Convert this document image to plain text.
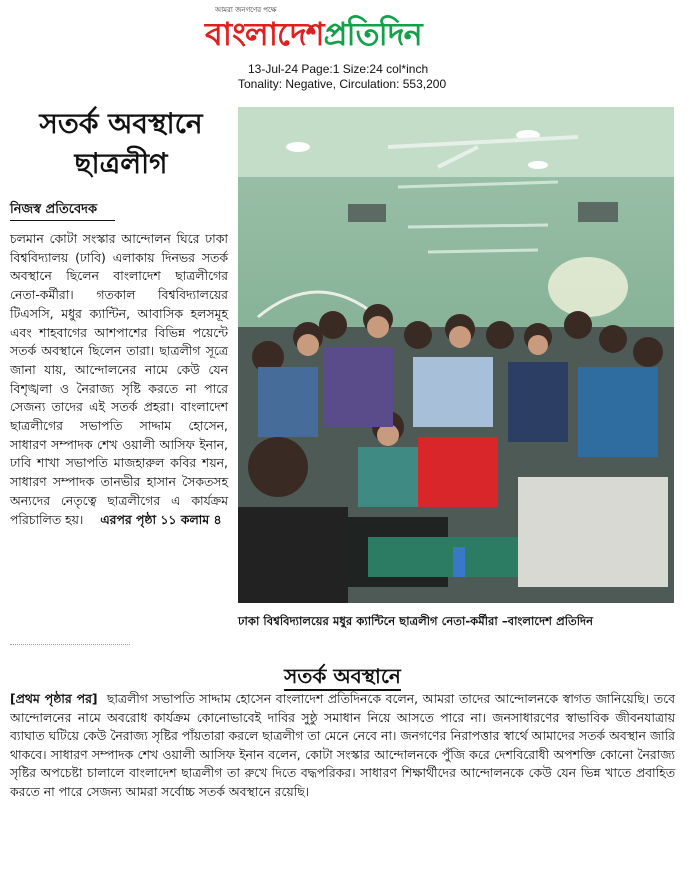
আমরা জনগণের পক্ষে
বাংলাদেশপ্রতিদিন
13-Jul-24 Page:1 Size:24 col*inch
Tonality: Negative, Circulation: 553,200
সতর্ক অবস্থানে ছাত্রলীগ
নিজস্ব প্রতিবেদক
চলমান কোটা সংস্কার আন্দোলন ঘিরে ঢাকা বিশ্ববিদ্যালয় (ঢাবি) এলাকায় দিনভর সতর্ক অবস্থানে ছিলেন বাংলাদেশ ছাত্রলীগের নেতা-কর্মীরা। গতকাল বিশ্ববিদ্যালয়ের টিএসসি, মধুর ক্যান্টিন, আবাসিক হলসমূহ এবং শাহবাগের আশপাশের বিভিন্ন পয়েন্টে সতর্ক অবস্থানে ছিলেন তারা। ছাত্রলীগ সূত্রে জানা যায়, আন্দোলনের নামে কেউ যেন বিশৃঙ্খলা ও নৈরাজ্য সৃষ্টি করতে না পারে সেজন্য তাদের এই সতর্ক প্রহরা। বাংলাদেশ ছাত্রলীগের সভাপতি সাদ্দাম হোসেন, সাধারণ সম্পাদক শেখ ওয়ালী আসিফ ইনান, ঢাবি শাখা সভাপতি মাজহারুল কবির শয়ন, সাধারণ সম্পাদক তানভীর হাসান সৈকতসহ অন্যদের নেতৃত্বে ছাত্রলীগের এ কার্যক্রম পরিচালিত হয়। এরপর পৃষ্ঠা ১১ কলাম ৪
ঢাকা বিশ্ববিদ্যালয়ের মধুর ক্যান্টিনে ছাত্রলীগ নেতা-কর্মীরা –বাংলাদেশ প্রতিদিন
সতর্ক অবস্থানে
[প্রথম পৃষ্ঠার পর] ছাত্রলীগ সভাপতি সাদ্দাম হোসেন বাংলাদেশ প্রতিদিনকে বলেন, আমরা তাদের আন্দোলনকে স্বাগত জানিয়েছি। তবে আন্দোলনের নামে অবরোধ কার্যক্রম কোনোভাবেই দাবির সুষ্ঠু সমাধান নিয়ে আসতে পারে না। জনসাধারণের স্বাভাবিক জীবনযাত্রায় ব্যাঘাত ঘটিয়ে কেউ নৈরাজ্য সৃষ্টির পাঁয়তারা করলে ছাত্রলীগ তা মেনে নেবে না। জনগণের নিরাপত্তার স্বার্থে আমাদের সতর্ক অবস্থান জারি থাকবে। সাধারণ সম্পাদক শেখ ওয়ালী আসিফ ইনান বলেন, কোটা সংস্কার আন্দোলনকে পুঁজি করে দেশবিরোধী অপশক্তি কোনো নৈরাজ্য সৃষ্টির অপচেষ্টা চালালে বাংলাদেশ ছাত্রলীগ তা রুখে দিতে বদ্ধপরিকর। সাধারণ শিক্ষার্থীদের আন্দোলনকে কেউ যেন ভিন্ন খাতে প্রবাহিত করতে না পারে সেজন্য আমরা সর্বোচ্চ সতর্ক অবস্থানে রয়েছি।
